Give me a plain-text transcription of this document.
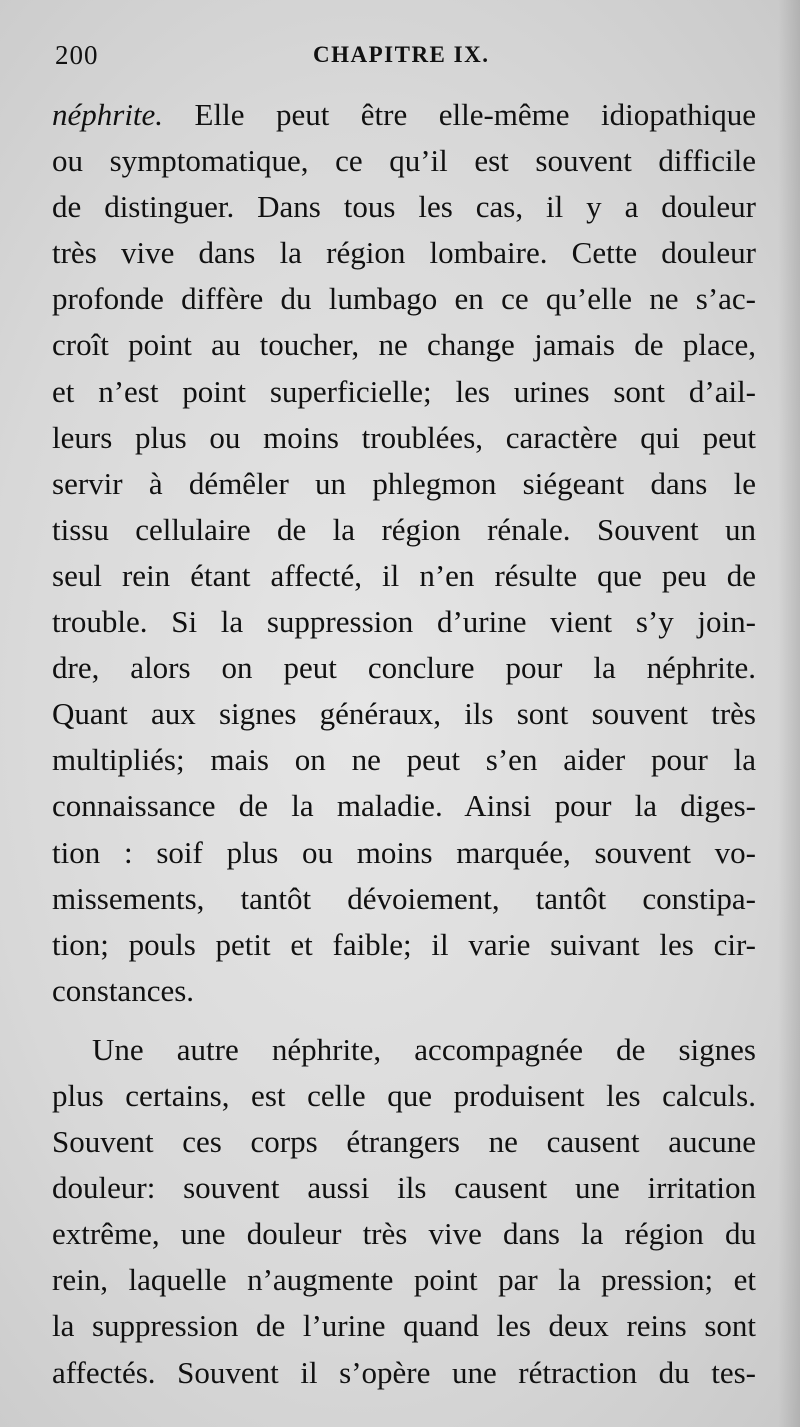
200	CHAPITRE IX.
néphrite. Elle peut être elle-même idiopathique
ou symptomatique, ce qu’il est souvent difficile
de distinguer. Dans tous les cas, il y a douleur
très vive dans la région lombaire. Cette douleur
profonde diffère du lumbago en ce qu’elle ne s’ac-
croît point au toucher, ne change jamais de place,
et n’est point superficielle; les urines sont d’ail-
leurs plus ou moins troublées, caractère qui peut
servir à démêler un phlegmon siégeant dans le
tissu cellulaire de la région rénale. Souvent un
seul rein étant affecté, il n’en résulte que peu de
trouble. Si la suppression d’urine vient s’y join-
dre, alors on peut conclure pour la néphrite.
Quant aux signes généraux, ils sont souvent très
multipliés; mais on ne peut s’en aider pour la
connaissance de la maladie. Ainsi pour la diges-
tion : soif plus ou moins marquée, souvent vo-
missements, tantôt dévoiement, tantôt constipa-
tion; pouls petit et faible; il varie suivant les cir-
constances.
Une autre néphrite, accompagnée de signes
plus certains, est celle que produisent les calculs.
Souvent ces corps étrangers ne causent aucune
douleur: souvent aussi ils causent une irritation
extrême, une douleur très vive dans la région du
rein, laquelle n’augmente point par la pression; et
la suppression de l’urine quand les deux reins sont
affectés. Souvent il s’opère une rétraction du tes-
